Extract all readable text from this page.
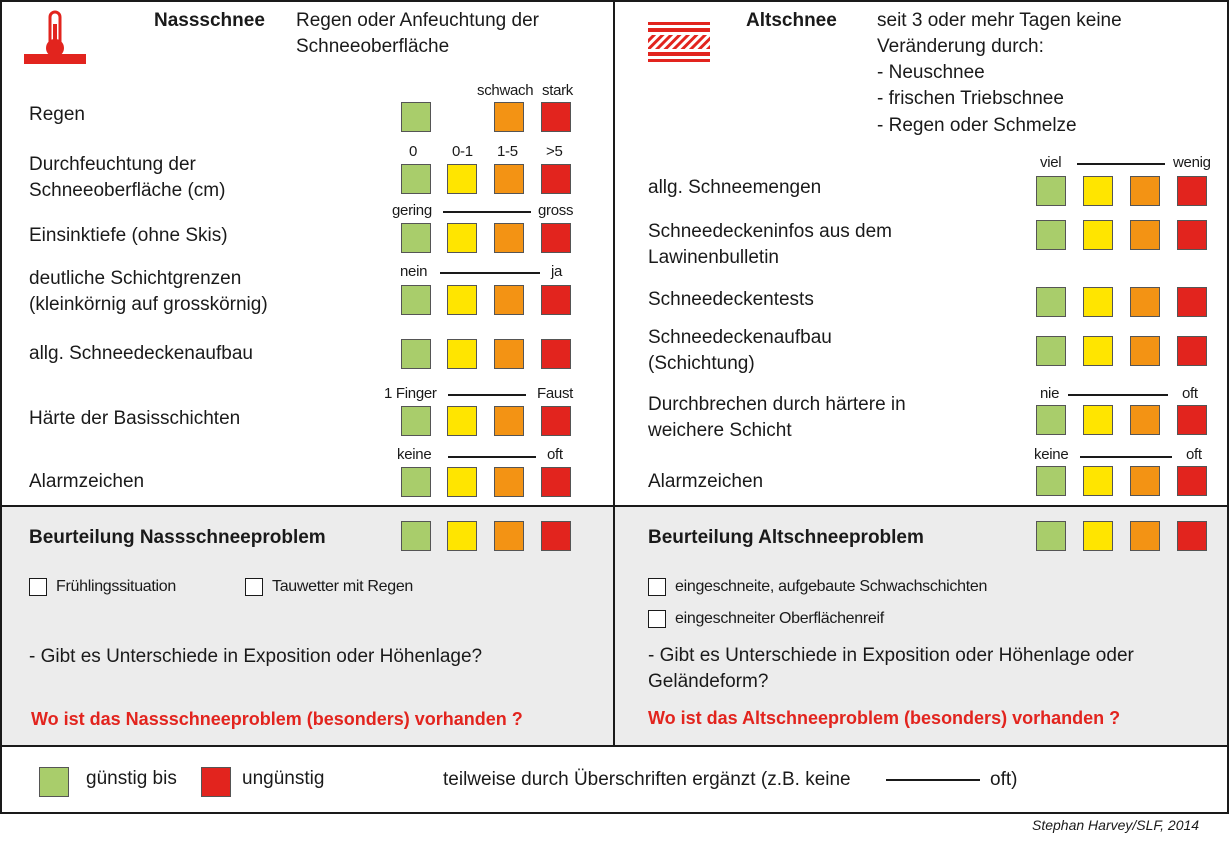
Nassschnee Regen oder Anfeuchtung der Schneeoberfläche
schwach stark
Regen
0 0-1 1-5 >5
Durchfeuchtung der Schneeoberfläche (cm)
gering	gross
Einsinktiefe (ohne Skis)
nein	ja
deutliche Schichtgrenzen (kleinkörnig auf grosskörnig)
allg. Schneedeckenaufbau
1 Finger	Faust
Härte der Basisschichten
keine	oft
Alarmzeichen
Beurteilung Nassschneeproblem
Frühlingssituation	Tauwetter mit Regen
- Gibt es Unterschiede in Exposition oder Höhenlage?
Wo ist das Nassschneeproblem (besonders) vorhanden ?
Altschnee seit 3 oder mehr Tagen keine Veränderung durch:
- Neuschnee
- frischen Triebschnee
- Regen oder Schmelze
viel	wenig
allg. Schneemengen
Schneedeckeninfos aus dem Lawinenbulletin
Schneedeckentests
Schneedeckenaufbau (Schichtung)
nie	oft
Durchbrechen durch härtere in weichere Schicht
keine	oft
Alarmzeichen
Beurteilung Altschneeproblem
eingeschneite, aufgebaute Schwachschichten
eingeschneiter Oberflächenreif
- Gibt es Unterschiede in Exposition oder Höhenlage oder Geländeform?
Wo ist das Altschneeproblem (besonders) vorhanden ?
günstig bis	ungünstig	teilweise durch Überschriften ergänzt (z.B. keine	oft)
Stephan Harvey/SLF, 2014
